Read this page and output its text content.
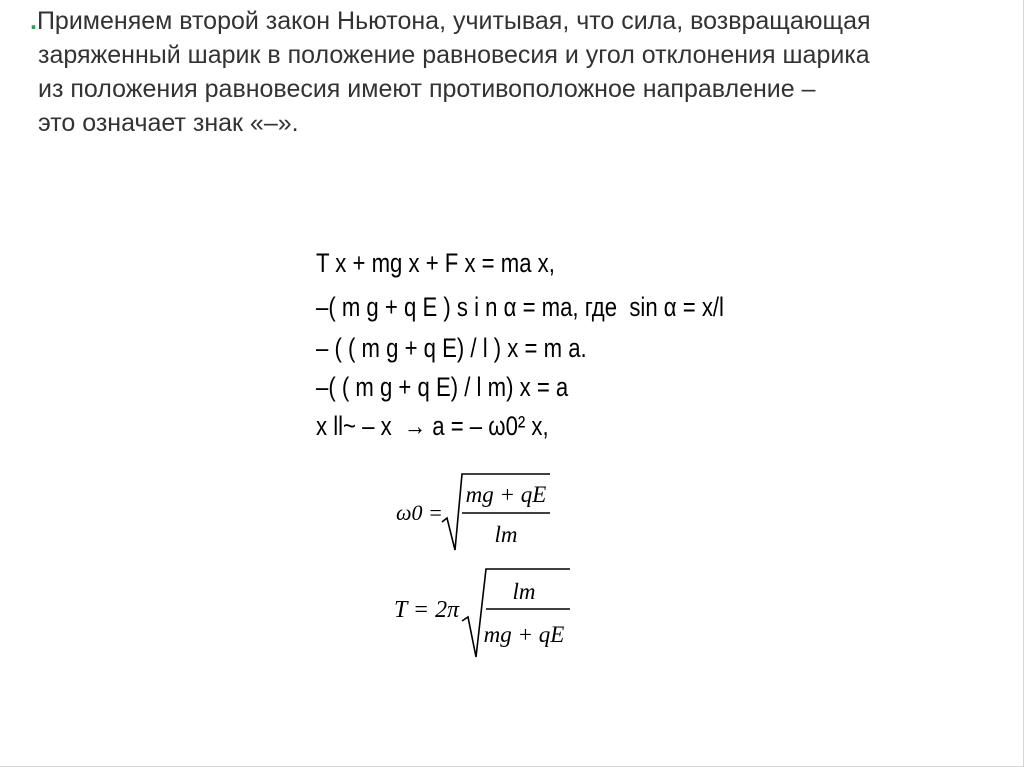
.Применяем второй закон Ньютона, учитывая, что сила, возвращающая
заряженный шарик в положение равновесия и угол отклонения шарика
из положения равновесия имеют противоположное направление –
это означает знак «–».
T x + mg x + F x = ma x,
–( m g + q E ) s i n α = ma, где  sin α = x/l
– ( ( m g + q E) / l ) x = m a.
–( ( m g + q E) / l m) x = a
x ll~ – x  → a = – ω0² x,
ω0 =
mg + qE
lm
T = 2π
lm
mg + qE
